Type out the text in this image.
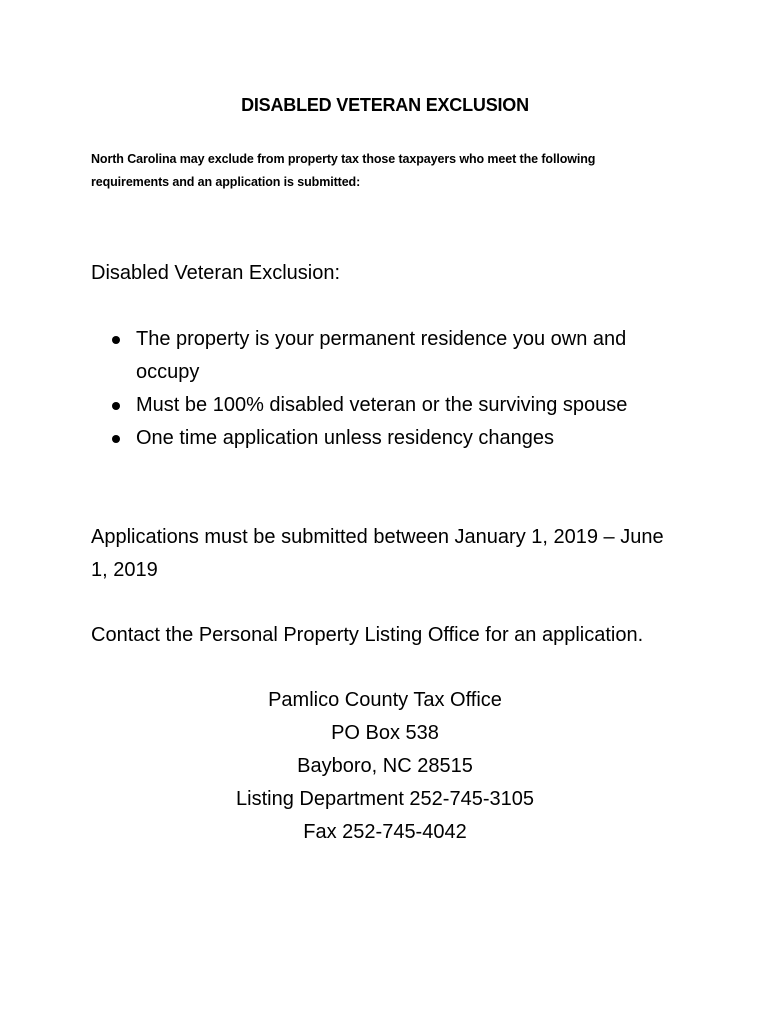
DISABLED VETERAN EXCLUSION
North Carolina may exclude from property tax those taxpayers who meet the following requirements and an application is submitted:
Disabled Veteran Exclusion:
The property is your permanent residence you own and occupy
Must be 100% disabled veteran or the surviving spouse
One time application unless residency changes
Applications must be submitted between January 1, 2019 – June 1, 2019
Contact the Personal Property Listing Office for an application.
Pamlico County Tax Office
PO Box 538
Bayboro, NC 28515
Listing Department 252-745-3105
Fax 252-745-4042
